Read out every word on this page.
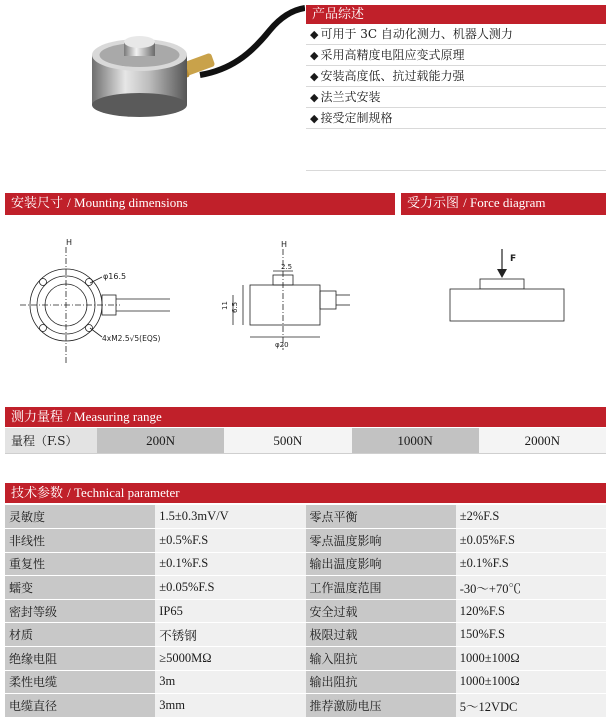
产品综述
◆ 可用于 3C 自动化测力、机器人测力
◆ 采用高精度电阻应变式原理
◆ 安装高度低、抗过载能力强
◆ 法兰式安装
◆ 接受定制规格
安装尺寸 / Mounting dimensions	受力示图 / Force diagram
H
φ16.5
4xM2.5√5(EQS)
H
2.5
11 6.5
φ20
F
测力量程 / Measuring range
量程（F.S）	200N	500N	1000N	2000N
技术参数 / Technical parameter
灵敏度	1.5±0.3mV/V	零点平衡	±2%F.S
非线性	±0.5%F.S	零点温度影响	±0.05%F.S
重复性	±0.1%F.S	输出温度影响	±0.1%F.S
蠕变	±0.05%F.S	工作温度范围	-30～+70℃
密封等级	IP65	安全过载	120%F.S
材质	不锈钢	极限过载	150%F.S
绝缘电阻	≥5000MΩ	输入阻抗	1000±100Ω
柔性电缆	3m	输出阻抗	1000±100Ω
电缆直径	3mm	推荐激励电压	5～12VDC
